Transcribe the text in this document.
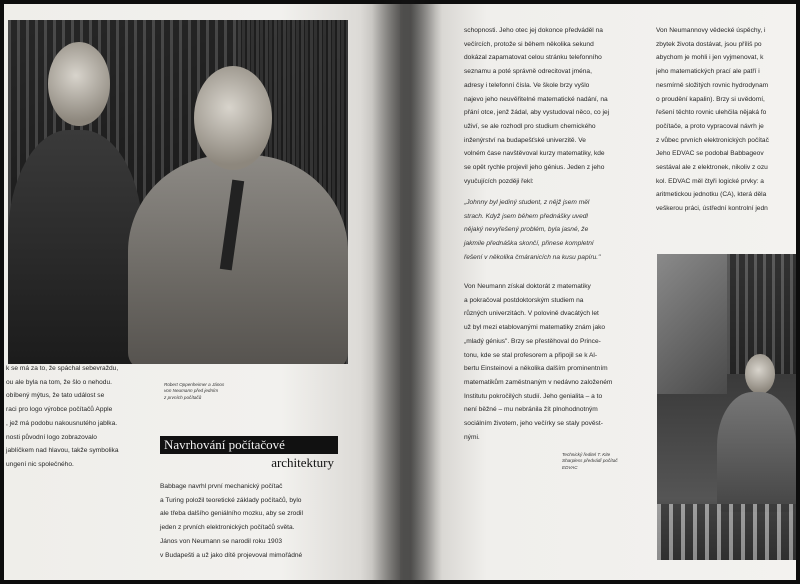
Robert Oppenheimer a János
von Neumann před jedním
z prvních počítačů
k se má za to, že spáchal sebevraždu,
ou ale byla na tom, že šlo o nehodu.
obíbený mýtus, že tato událost se
raci pro logo výrobce počítačů Apple
, jež má podobu nakousnutého jablka.
nosti původní logo zobrazovalo
jablíčkem nad hlavou, takže symbolika
ungení nic společného.
Navrhování počítačové
architektury
Babbage navrhl první mechanický počítač
a Turing položil teoretické základy počítačů, bylo
ale třeba dalšího geniálního mozku, aby se zrodil
jeden z prvních elektronických počítačů světa.
János von Neumann se narodil roku 1903
v Budapešti a už jako dítě projevoval mimořádné
schopnosti. Jeho otec jej dokonce předváděl na
večírcích, protože si během několika sekund
dokázal zapamatovat celou stránku telefonního
seznamu a poté správně odrecitovat jména,
adresy i telefonní čísla. Ve škole brzy vyšlo
najevo jeho neuvěřitelné matematické nadání, na
přání otce, jenž žádal, aby vystudoval něco, co jej
uživí, se ale rozhodl pro studium chemického
inženýrství na budapešťské univerzitě. Ve
volném čase navštěvoval kurzy matematiky, kde
se opět rychle projevil jeho génius. Jeden z jeho
vyučujících později řekl:
„Johnny byl jediný student, z nějž jsem měl
strach. Když jsem během přednášky uvedl
nějaký nevyřešený problém, byla jasné, že
jakmile přednáška skončí, přinese kompletní
řešení v několika čmáranicích na kusu papíru."
Von Neumann získal doktorát z matematiky
a pokračoval postdoktorským studiem na
různých univerzitách. V polovině dvacátých let
už byl mezi etablovanými matematiky znám jako
„mladý génius". Brzy se přestěhoval do Prince-
tonu, kde se stal profesorem a připojil se k Al-
bertu Einsteinovi a několika dalším prominentním
matematikům zaměstnaným v nedávno založeném
Institutu pokročilých studií. Jeho genialita – a to
není běžné – mu nebránila žít plnohodnotným
sociálním životem, jeho večírky se staly pověst-
nými.
Technický ředitel T. Kite
Sharpless předvádí počítač
EDVAC
Von Neumannovy vědecké úspěchy, i
zbytek života dostávat, jsou příliš po
abychom je mohli i jen vyjmenovat, k
jeho matematických prací ale patří i
nesmírně složitých rovnic hydrodynam
o proudění kapalin). Brzy si uvědomí,
řešení těchto rovnic ulehčila nějaká fo
počítače, a proto vypracoval návrh je
z vůbec prvních elektronických počítač
Jeho EDVAC se podobal Babbageov
sestával ale z elektronek, nikoliv z ozu
kol. EDVAC měl čtyři logické prvky: a
aritmetickou jednotku (CA), která děla
veškerou práci, ústřední kontrolní jedn
